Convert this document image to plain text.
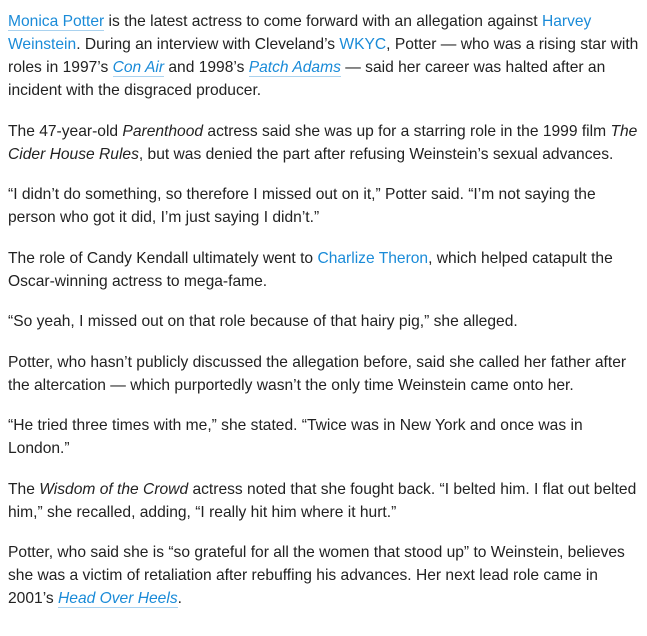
Monica Potter is the latest actress to come forward with an allegation against Harvey Weinstein. During an interview with Cleveland’s WKYC, Potter — who was a rising star with roles in 1997’s Con Air and 1998’s Patch Adams — said her career was halted after an incident with the disgraced producer.

The 47-year-old Parenthood actress said she was up for a starring role in the 1999 film The Cider House Rules, but was denied the part after refusing Weinstein’s sexual advances.

“I didn’t do something, so therefore I missed out on it,” Potter said. “I’m not saying the person who got it did, I’m just saying I didn’t.”

The role of Candy Kendall ultimately went to Charlize Theron, which helped catapult the Oscar-winning actress to mega-fame.

“So yeah, I missed out on that role because of that hairy pig,” she alleged.

Potter, who hasn’t publicly discussed the allegation before, said she called her father after the altercation — which purportedly wasn’t the only time Weinstein came onto her.

“He tried three times with me,” she stated. “Twice was in New York and once was in London.”

The Wisdom of the Crowd actress noted that she fought back. “I belted him. I flat out belted him,” she recalled, adding, “I really hit him where it hurt.”

Potter, who said she is “so grateful for all the women that stood up” to Weinstein, believes she was a victim of retaliation after rebuffing his advances. Her next lead role came in 2001’s Head Over Heels.
